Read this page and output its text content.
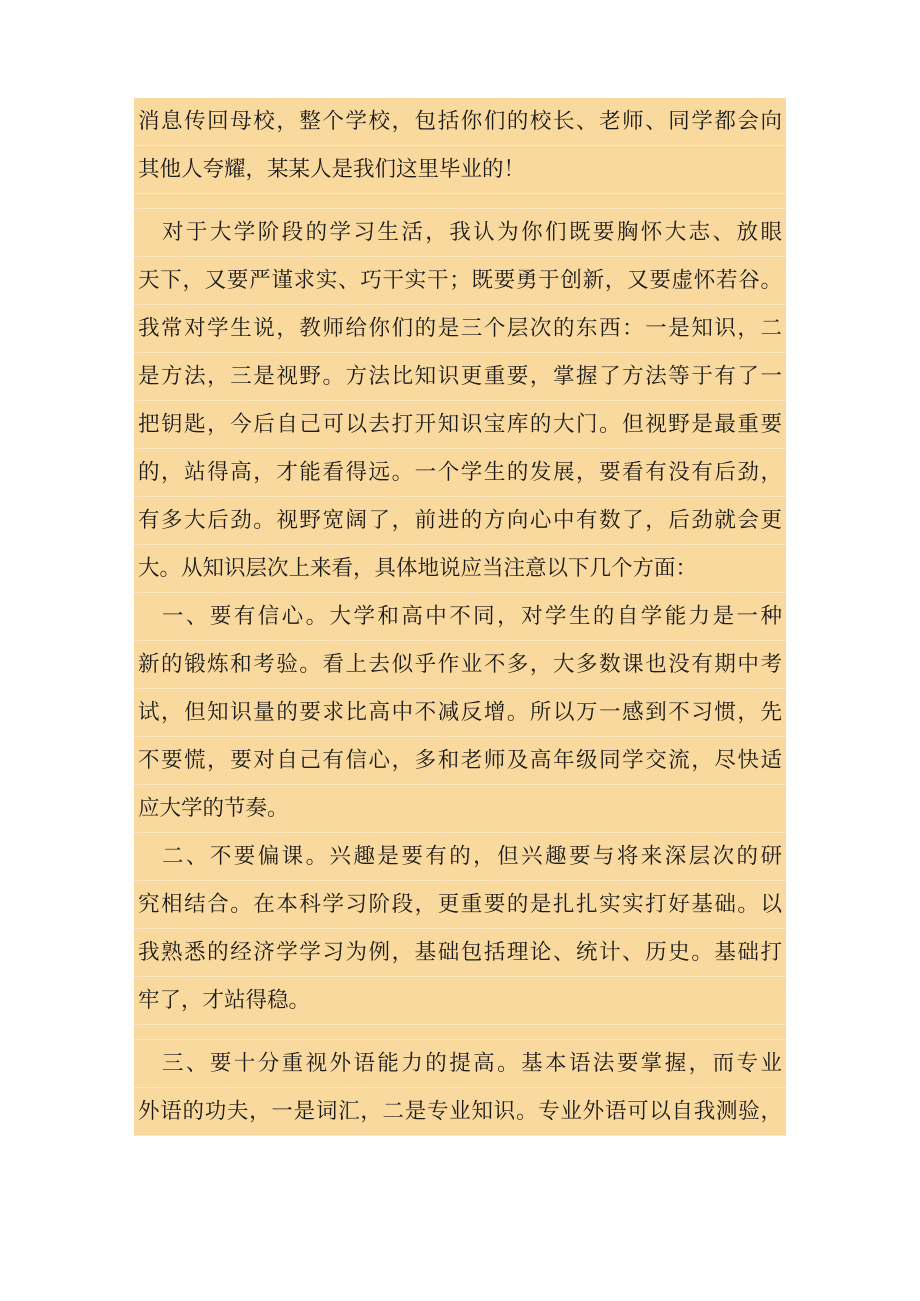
消息传回母校，整个学校，包括你们的校长、老师、同学都会向
其他人夸耀，某某人是我们这里毕业的！
　对于大学阶段的学习生活，我认为你们既要胸怀大志、放眼
天下，又要严谨求实、巧干实干；既要勇于创新，又要虚怀若谷。
我常对学生说，教师给你们的是三个层次的东西：一是知识，二
是方法，三是视野。方法比知识更重要，掌握了方法等于有了一
把钥匙，今后自己可以去打开知识宝库的大门。但视野是最重要
的，站得高，才能看得远。一个学生的发展，要看有没有后劲，
有多大后劲。视野宽阔了，前进的方向心中有数了，后劲就会更
大。从知识层次上来看，具体地说应当注意以下几个方面：
　一、要有信心。大学和高中不同，对学生的自学能力是一种
新的锻炼和考验。看上去似乎作业不多，大多数课也没有期中考
试，但知识量的要求比高中不减反增。所以万一感到不习惯，先
不要慌，要对自己有信心，多和老师及高年级同学交流，尽快适
应大学的节奏。
　二、不要偏课。兴趣是要有的，但兴趣要与将来深层次的研
究相结合。在本科学习阶段，更重要的是扎扎实实打好基础。以
我熟悉的经济学学习为例，基础包括理论、统计、历史。基础打
牢了，才站得稳。
　三、要十分重视外语能力的提高。基本语法要掌握，而专业
外语的功夫，一是词汇，二是专业知识。专业外语可以自我测验，
